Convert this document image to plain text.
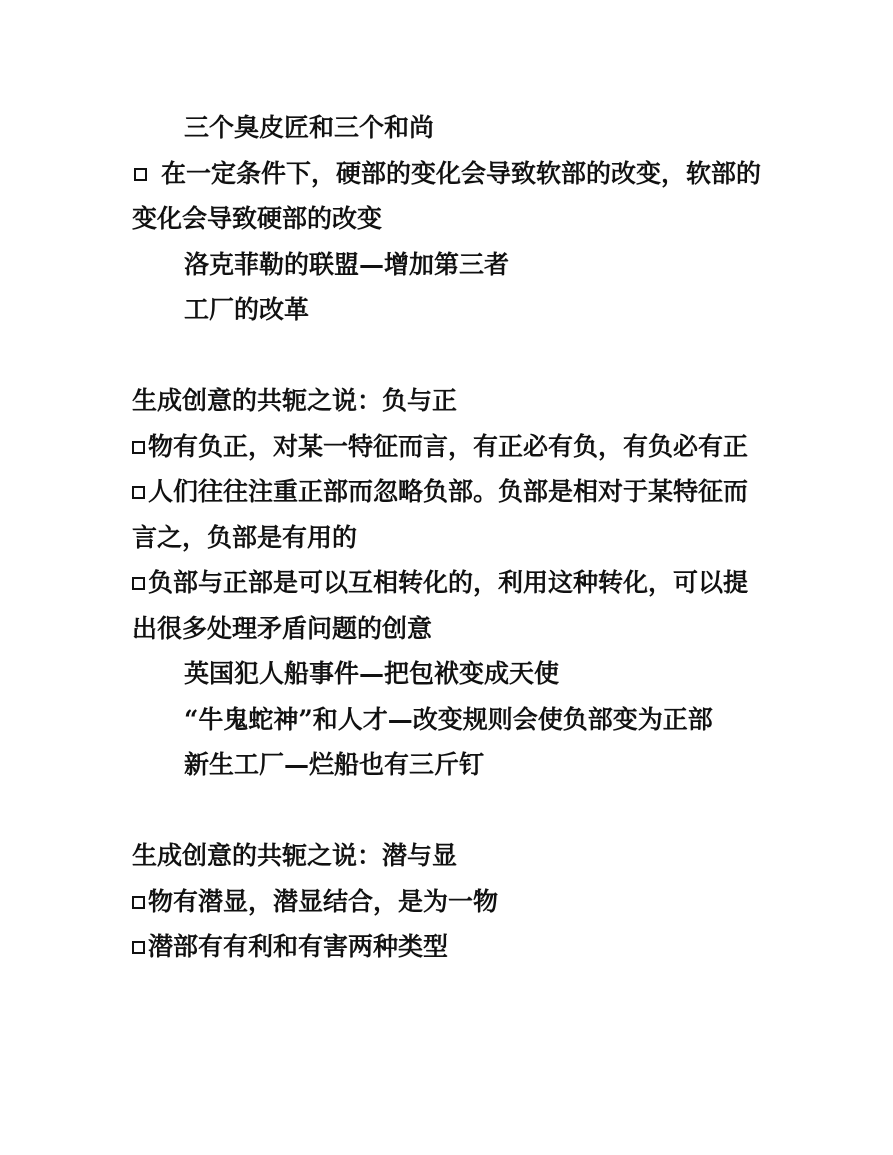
三个臭皮匠和三个和尚
在一定条件下，硬部的变化会导致软部的改变，软部的变化会导致硬部的改变
洛克菲勒的联盟—增加第三者
工厂的改革
生成创意的共轭之说：负与正
物有负正，对某一特征而言，有正必有负，有负必有正
人们往往注重正部而忽略负部。负部是相对于某特征而言之，负部是有用的
负部与正部是可以互相转化的，利用这种转化，可以提出很多处理矛盾问题的创意
英国犯人船事件—把包袱变成天使
“牛鬼蛇神”和人才—改变规则会使负部变为正部
新生工厂—烂船也有三斤钉
生成创意的共轭之说：潜与显
物有潜显，潜显结合，是为一物
潜部有有利和有害两种类型
